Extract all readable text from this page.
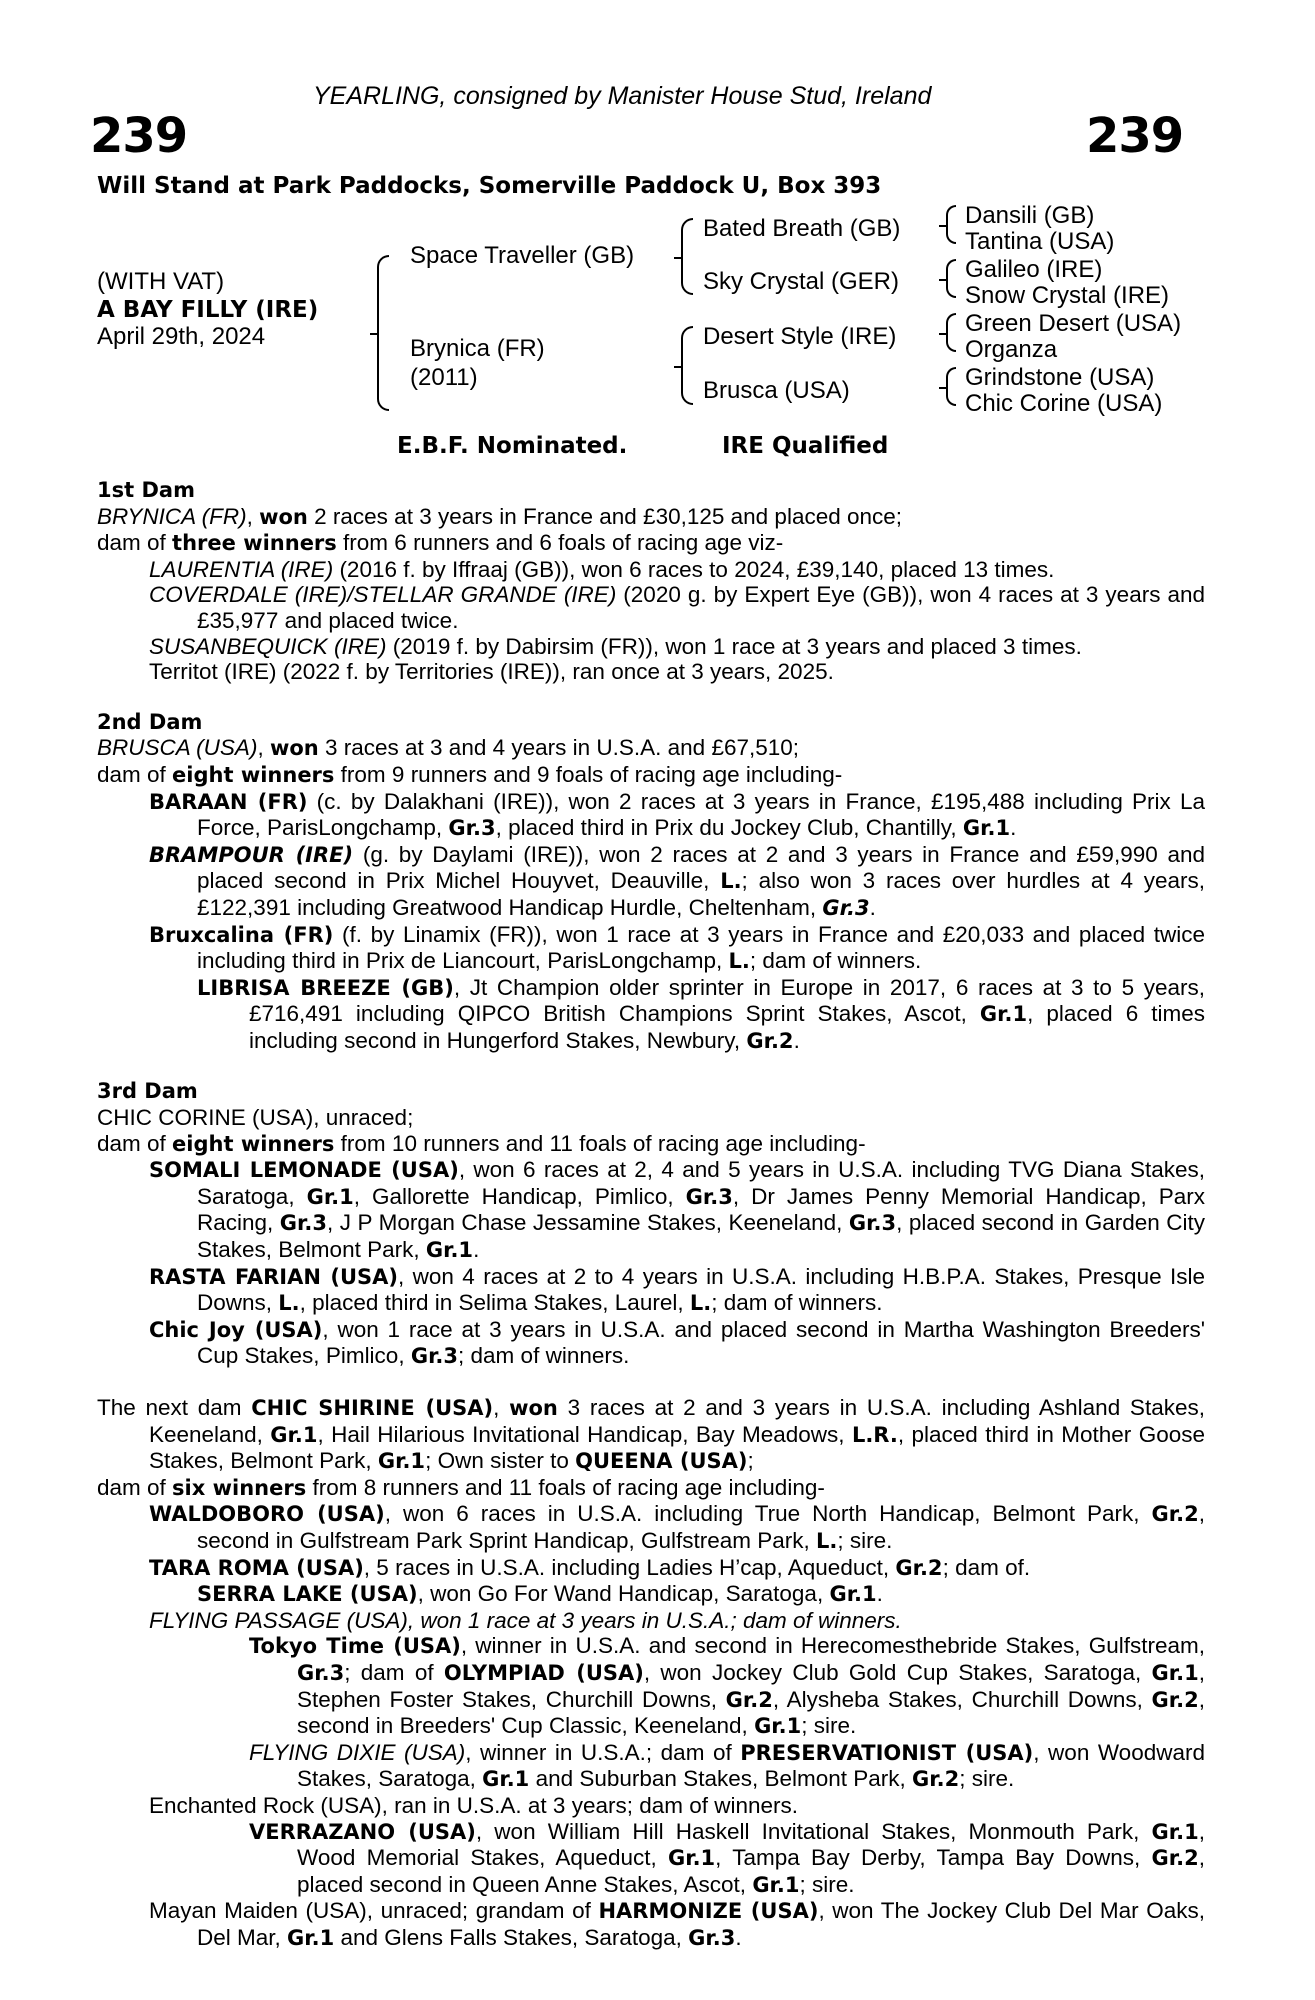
YEARLING, consigned by Manister House Stud, Ireland
239	239
Will Stand at Park Paddocks, Somerville Paddock U, Box 393
(WITH VAT)
A BAY FILLY (IRE)
April 29th, 2024
Space Traveller (GB)
Brynica (FR)
(2011)
Bated Breath (GB)
Sky Crystal (GER)
Desert Style (IRE)
Brusca (USA)
Dansili (GB)
Tantina (USA)
Galileo (IRE)
Snow Crystal (IRE)
Green Desert (USA)
Organza
Grindstone (USA)
Chic Corine (USA)
E.B.F. Nominated.	IRE Qualified

1st Dam

BRYNICA (FR), won 2 races at 3 years in France and £30,125 and placed once;

dam of three winners from 6 runners and 6 foals of racing age viz-

LAURENTIA (IRE) (2016 f. by Iffraaj (GB)), won 6 races to 2024, £39,140, placed 13 times.

COVERDALE (IRE)/STELLAR GRANDE (IRE) (2020 g. by Expert Eye (GB)), won 4 races at 3 years and £35,977 and placed twice.

SUSANBEQUICK (IRE) (2019 f. by Dabirsim (FR)), won 1 race at 3 years and placed 3 times.

Territot (IRE) (2022 f. by Territories (IRE)), ran once at 3 years, 2025.

2nd Dam

BRUSCA (USA), won 3 races at 3 and 4 years in U.S.A. and £67,510;

dam of eight winners from 9 runners and 9 foals of racing age including-

BARAAN (FR) (c. by Dalakhani (IRE)), won 2 races at 3 years in France, £195,488 including Prix La Force, ParisLongchamp, Gr.3, placed third in Prix du Jockey Club, Chantilly, Gr.1.

BRAMPOUR (IRE) (g. by Daylami (IRE)), won 2 races at 2 and 3 years in France and £59,990 and placed second in Prix Michel Houyvet, Deauville, L.; also won 3 races over hurdles at 4 years, £122,391 including Greatwood Handicap Hurdle, Cheltenham, Gr.3.

Bruxcalina (FR) (f. by Linamix (FR)), won 1 race at 3 years in France and £20,033 and placed twice including third in Prix de Liancourt, ParisLongchamp, L.; dam of winners.

LIBRISA BREEZE (GB), Jt Champion older sprinter in Europe in 2017, 6 races at 3 to 5 years, £716,491 including QIPCO British Champions Sprint Stakes, Ascot, Gr.1, placed 6 times including second in Hungerford Stakes, Newbury, Gr.2.

3rd Dam

CHIC CORINE (USA), unraced;

dam of eight winners from 10 runners and 11 foals of racing age including-

SOMALI LEMONADE (USA), won 6 races at 2, 4 and 5 years in U.S.A. including TVG Diana Stakes, Saratoga, Gr.1, Gallorette Handicap, Pimlico, Gr.3, Dr James Penny Memorial Handicap, Parx Racing, Gr.3, J P Morgan Chase Jessamine Stakes, Keeneland, Gr.3, placed second in Garden City Stakes, Belmont Park, Gr.1.

RASTA FARIAN (USA), won 4 races at 2 to 4 years in U.S.A. including H.B.P.A. Stakes, Presque Isle Downs, L., placed third in Selima Stakes, Laurel, L.; dam of winners.

Chic Joy (USA), won 1 race at 3 years in U.S.A. and placed second in Martha Washington Breeders' Cup Stakes, Pimlico, Gr.3; dam of winners.

The next dam CHIC SHIRINE (USA), won 3 races at 2 and 3 years in U.S.A. including Ashland Stakes, Keeneland, Gr.1, Hail Hilarious Invitational Handicap, Bay Meadows, L.R., placed third in Mother Goose Stakes, Belmont Park, Gr.1; Own sister to QUEENA (USA);

dam of six winners from 8 runners and 11 foals of racing age including-

WALDOBORO (USA), won 6 races in U.S.A. including True North Handicap, Belmont Park, Gr.2, second in Gulfstream Park Sprint Handicap, Gulfstream Park, L.; sire.

TARA ROMA (USA), 5 races in U.S.A. including Ladies H’cap, Aqueduct, Gr.2; dam of.

SERRA LAKE (USA), won Go For Wand Handicap, Saratoga, Gr.1.

FLYING PASSAGE (USA), won 1 race at 3 years in U.S.A.; dam of winners.

Tokyo Time (USA), winner in U.S.A. and second in Herecomesthebride Stakes, Gulfstream, Gr.3; dam of OLYMPIAD (USA), won Jockey Club Gold Cup Stakes, Saratoga, Gr.1, Stephen Foster Stakes, Churchill Downs, Gr.2, Alysheba Stakes, Churchill Downs, Gr.2, second in Breeders' Cup Classic, Keeneland, Gr.1; sire.

FLYING DIXIE (USA), winner in U.S.A.; dam of PRESERVATIONIST (USA), won Woodward Stakes, Saratoga, Gr.1 and Suburban Stakes, Belmont Park, Gr.2; sire.

Enchanted Rock (USA), ran in U.S.A. at 3 years; dam of winners.

VERRAZANO (USA), won William Hill Haskell Invitational Stakes, Monmouth Park, Gr.1, Wood Memorial Stakes, Aqueduct, Gr.1, Tampa Bay Derby, Tampa Bay Downs, Gr.2, placed second in Queen Anne Stakes, Ascot, Gr.1; sire.

Mayan Maiden (USA), unraced; grandam of HARMONIZE (USA), won The Jockey Club Del Mar Oaks, Del Mar, Gr.1 and Glens Falls Stakes, Saratoga, Gr.3.
